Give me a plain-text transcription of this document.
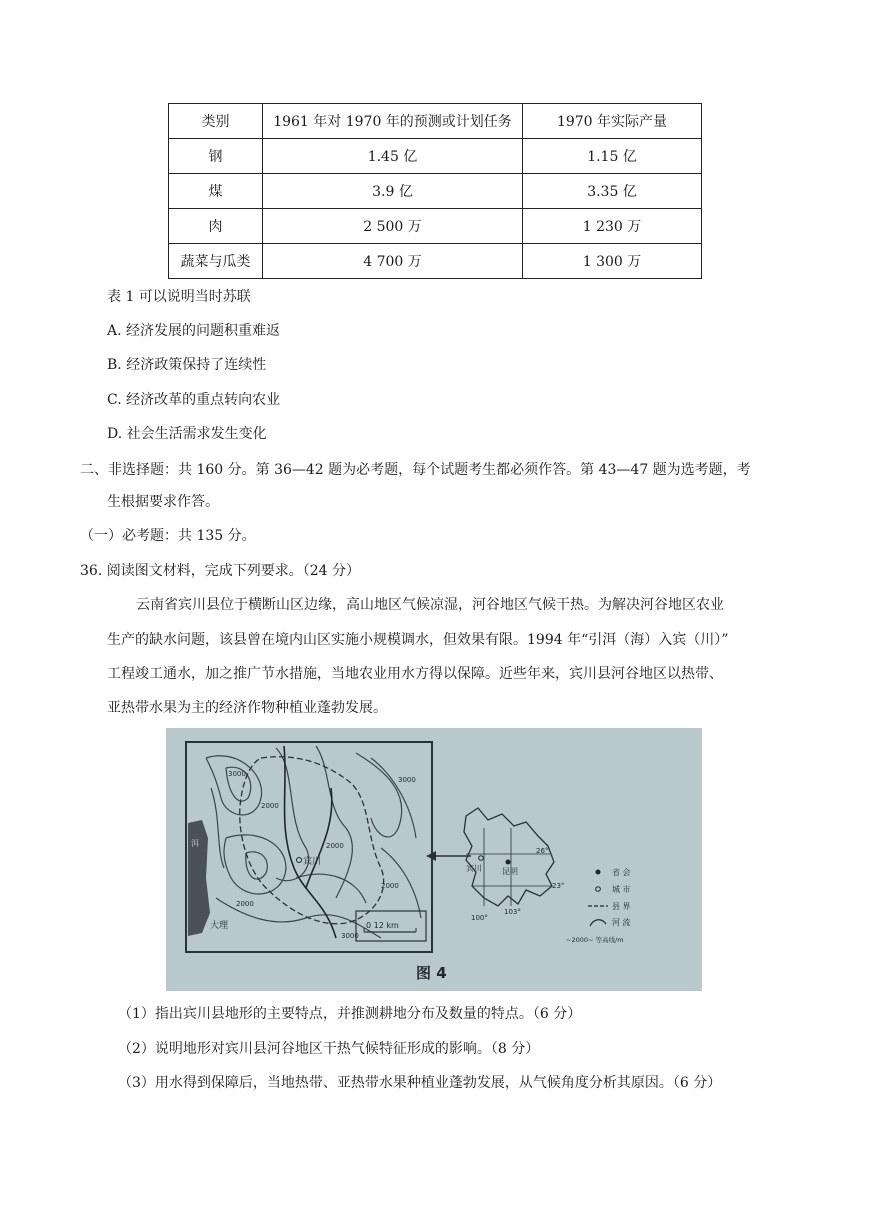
类别	1961 年对 1970 年的预测或计划任务	1970 年实际产量
钢	1.45 亿	1.15 亿
煤	3.9 亿	3.35 亿
肉	2 500 万	1 230 万
蔬菜与瓜类	4 700 万	1 300 万
表 1 可以说明当时苏联
A. 经济发展的问题积重难返
B. 经济政策保持了连续性
C. 经济改革的重点转向农业
D. 社会生活需求发生变化
二、非选择题：共 160 分。第 36—42 题为必考题，每个试题考生都必须作答。第 43—47 题为选考题，考
生根据要求作答。
（一）必考题：共 135 分。
36. 阅读图文材料，完成下列要求。（24 分）
云南省宾川县位于横断山区边缘，高山地区气候凉湿，河谷地区气候干热。为解决河谷地区农业
生产的缺水问题，该县曾在境内山区实施小规模调水，但效果有限。1994 年“引洱（海）入宾（川）”
工程竣工通水，加之推广节水措施，当地农业用水方得以保障。近些年来，宾川县河谷地区以热带、
亚热带水果为主的经济作物种植业蓬勃发展。
0 12 km
宾川
大理
洱
3000
2000
2000
3000
2000
2000
3000
宾川	昆明
26°
23°
100°
103°
省 会
城 市
县 界
河 流
~2000~ 等高线/m
图 4
（1）指出宾川县地形的主要特点，并推测耕地分布及数量的特点。（6 分）
（2）说明地形对宾川县河谷地区干热气候特征形成的影响。（8 分）
（3）用水得到保障后，当地热带、亚热带水果种植业蓬勃发展，从气候角度分析其原因。（6 分）
